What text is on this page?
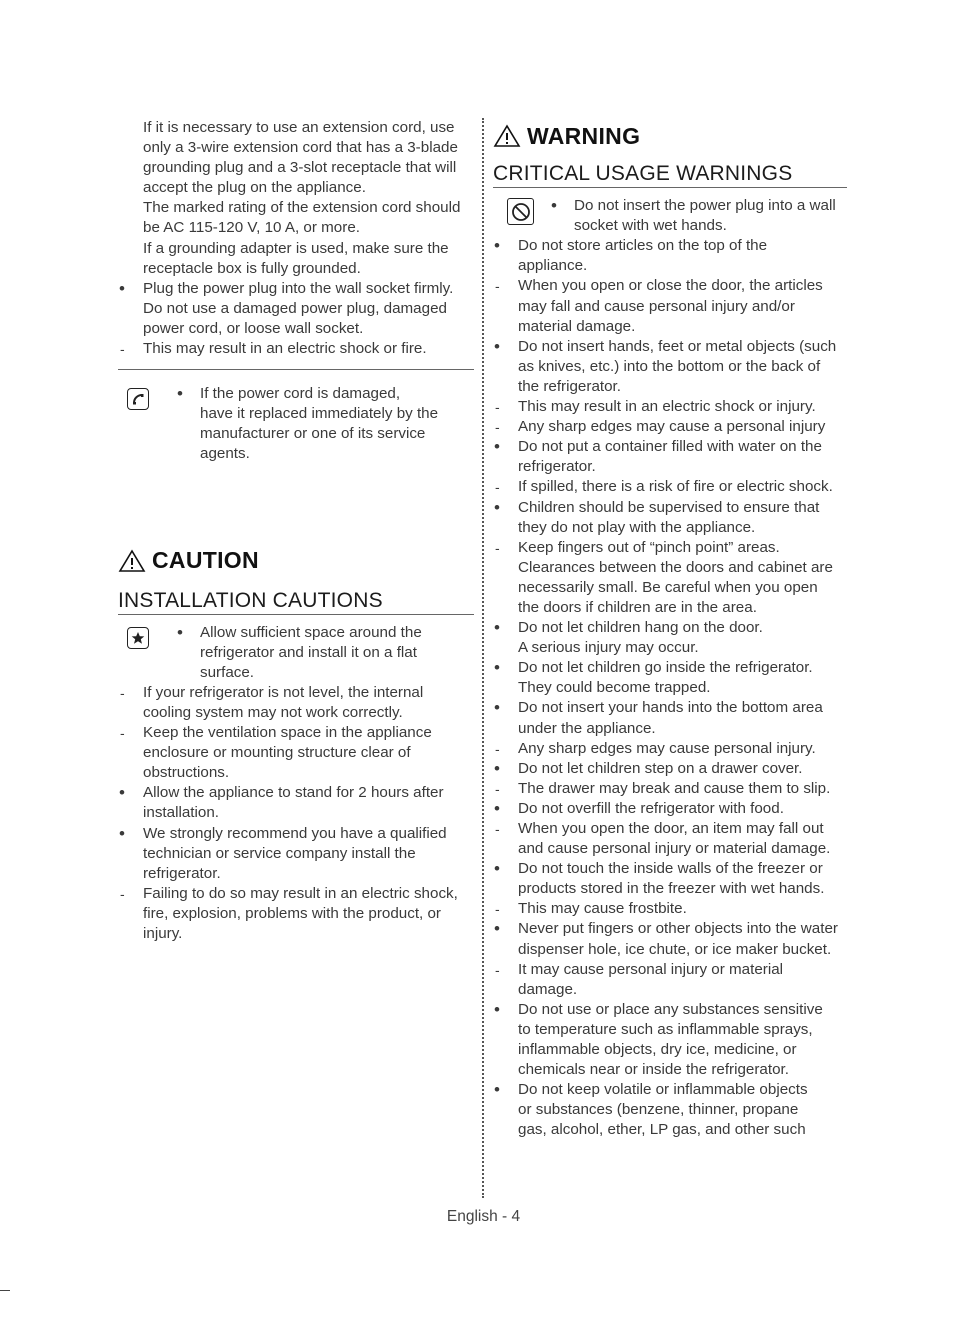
If it is necessary to use an extension cord, use
only a 3-wire extension cord that has a 3-blade
grounding plug and a 3-slot receptacle that will
accept the plug on the appliance.
The marked rating of the extension cord should
be AC 115-120 V, 10 A, or more.
If a grounding adapter is used, make sure the
receptacle box is fully grounded.
•	Plug the power plug into the wall socket firmly.
Do not use a damaged power plug, damaged
power cord, or loose wall socket.
-	This may result in an electric shock or fire.
• If the power cord is damaged,
have it replaced immediately by the
manufacturer or one of its service
agents.
CAUTION
INSTALLATION CAUTIONS
• Allow sufficient space around the
refrigerator and install it on a flat
surface.
-	If your refrigerator is not level, the internal
cooling system may not work correctly.
-	Keep the ventilation space in the appliance
enclosure or mounting structure clear of
obstructions.
•	Allow the appliance to stand for 2 hours after
installation.
•	We strongly recommend you have a qualified
technician or service company install the
refrigerator.
-	Failing to do so may result in an electric shock,
fire, explosion, problems with the product, or
injury.
WARNING
CRITICAL USAGE WARNINGS
• Do not insert the power plug into a wall
socket with wet hands.
•	Do not store articles on the top of the
appliance.
-	When you open or close the door, the articles
may fall and cause personal injury and/or
material damage.
•	Do not insert hands, feet or metal objects (such
as knives, etc.) into the bottom or the back of
the refrigerator.
-	This may result in an electric shock or injury.
-	Any sharp edges may cause a personal injury
•	Do not put a container filled with water on the
refrigerator.
-	If spilled, there is a risk of fire or electric shock.
•	Children should be supervised to ensure that
they do not play with the appliance.
-	Keep fingers out of “pinch point” areas.
Clearances between the doors and cabinet are
necessarily small. Be careful when you open
the doors if children are in the area.
•	Do not let children hang on the door.
A serious injury may occur.
•	Do not let children go inside the refrigerator.
They could become trapped.
•	Do not insert your hands into the bottom area
under the appliance.
-	Any sharp edges may cause personal injury.
•	Do not let children step on a drawer cover.
-	The drawer may break and cause them to slip.
•	Do not overfill the refrigerator with food.
-	When you open the door, an item may fall out
and cause personal injury or material damage.
•	Do not touch the inside walls of the freezer or
products stored in the freezer with wet hands.
-	This may cause frostbite.
•	Never put fingers or other objects into the water
dispenser hole, ice chute, or ice maker bucket.
-	It may cause personal injury or material
damage.
•	Do not use or place any substances sensitive
to temperature such as inflammable sprays,
inflammable objects, dry ice, medicine, or
chemicals near or inside the refrigerator.
•	Do not keep volatile or inflammable objects
or substances (benzene, thinner, propane
gas, alcohol, ether, LP gas, and other such
English - 4
